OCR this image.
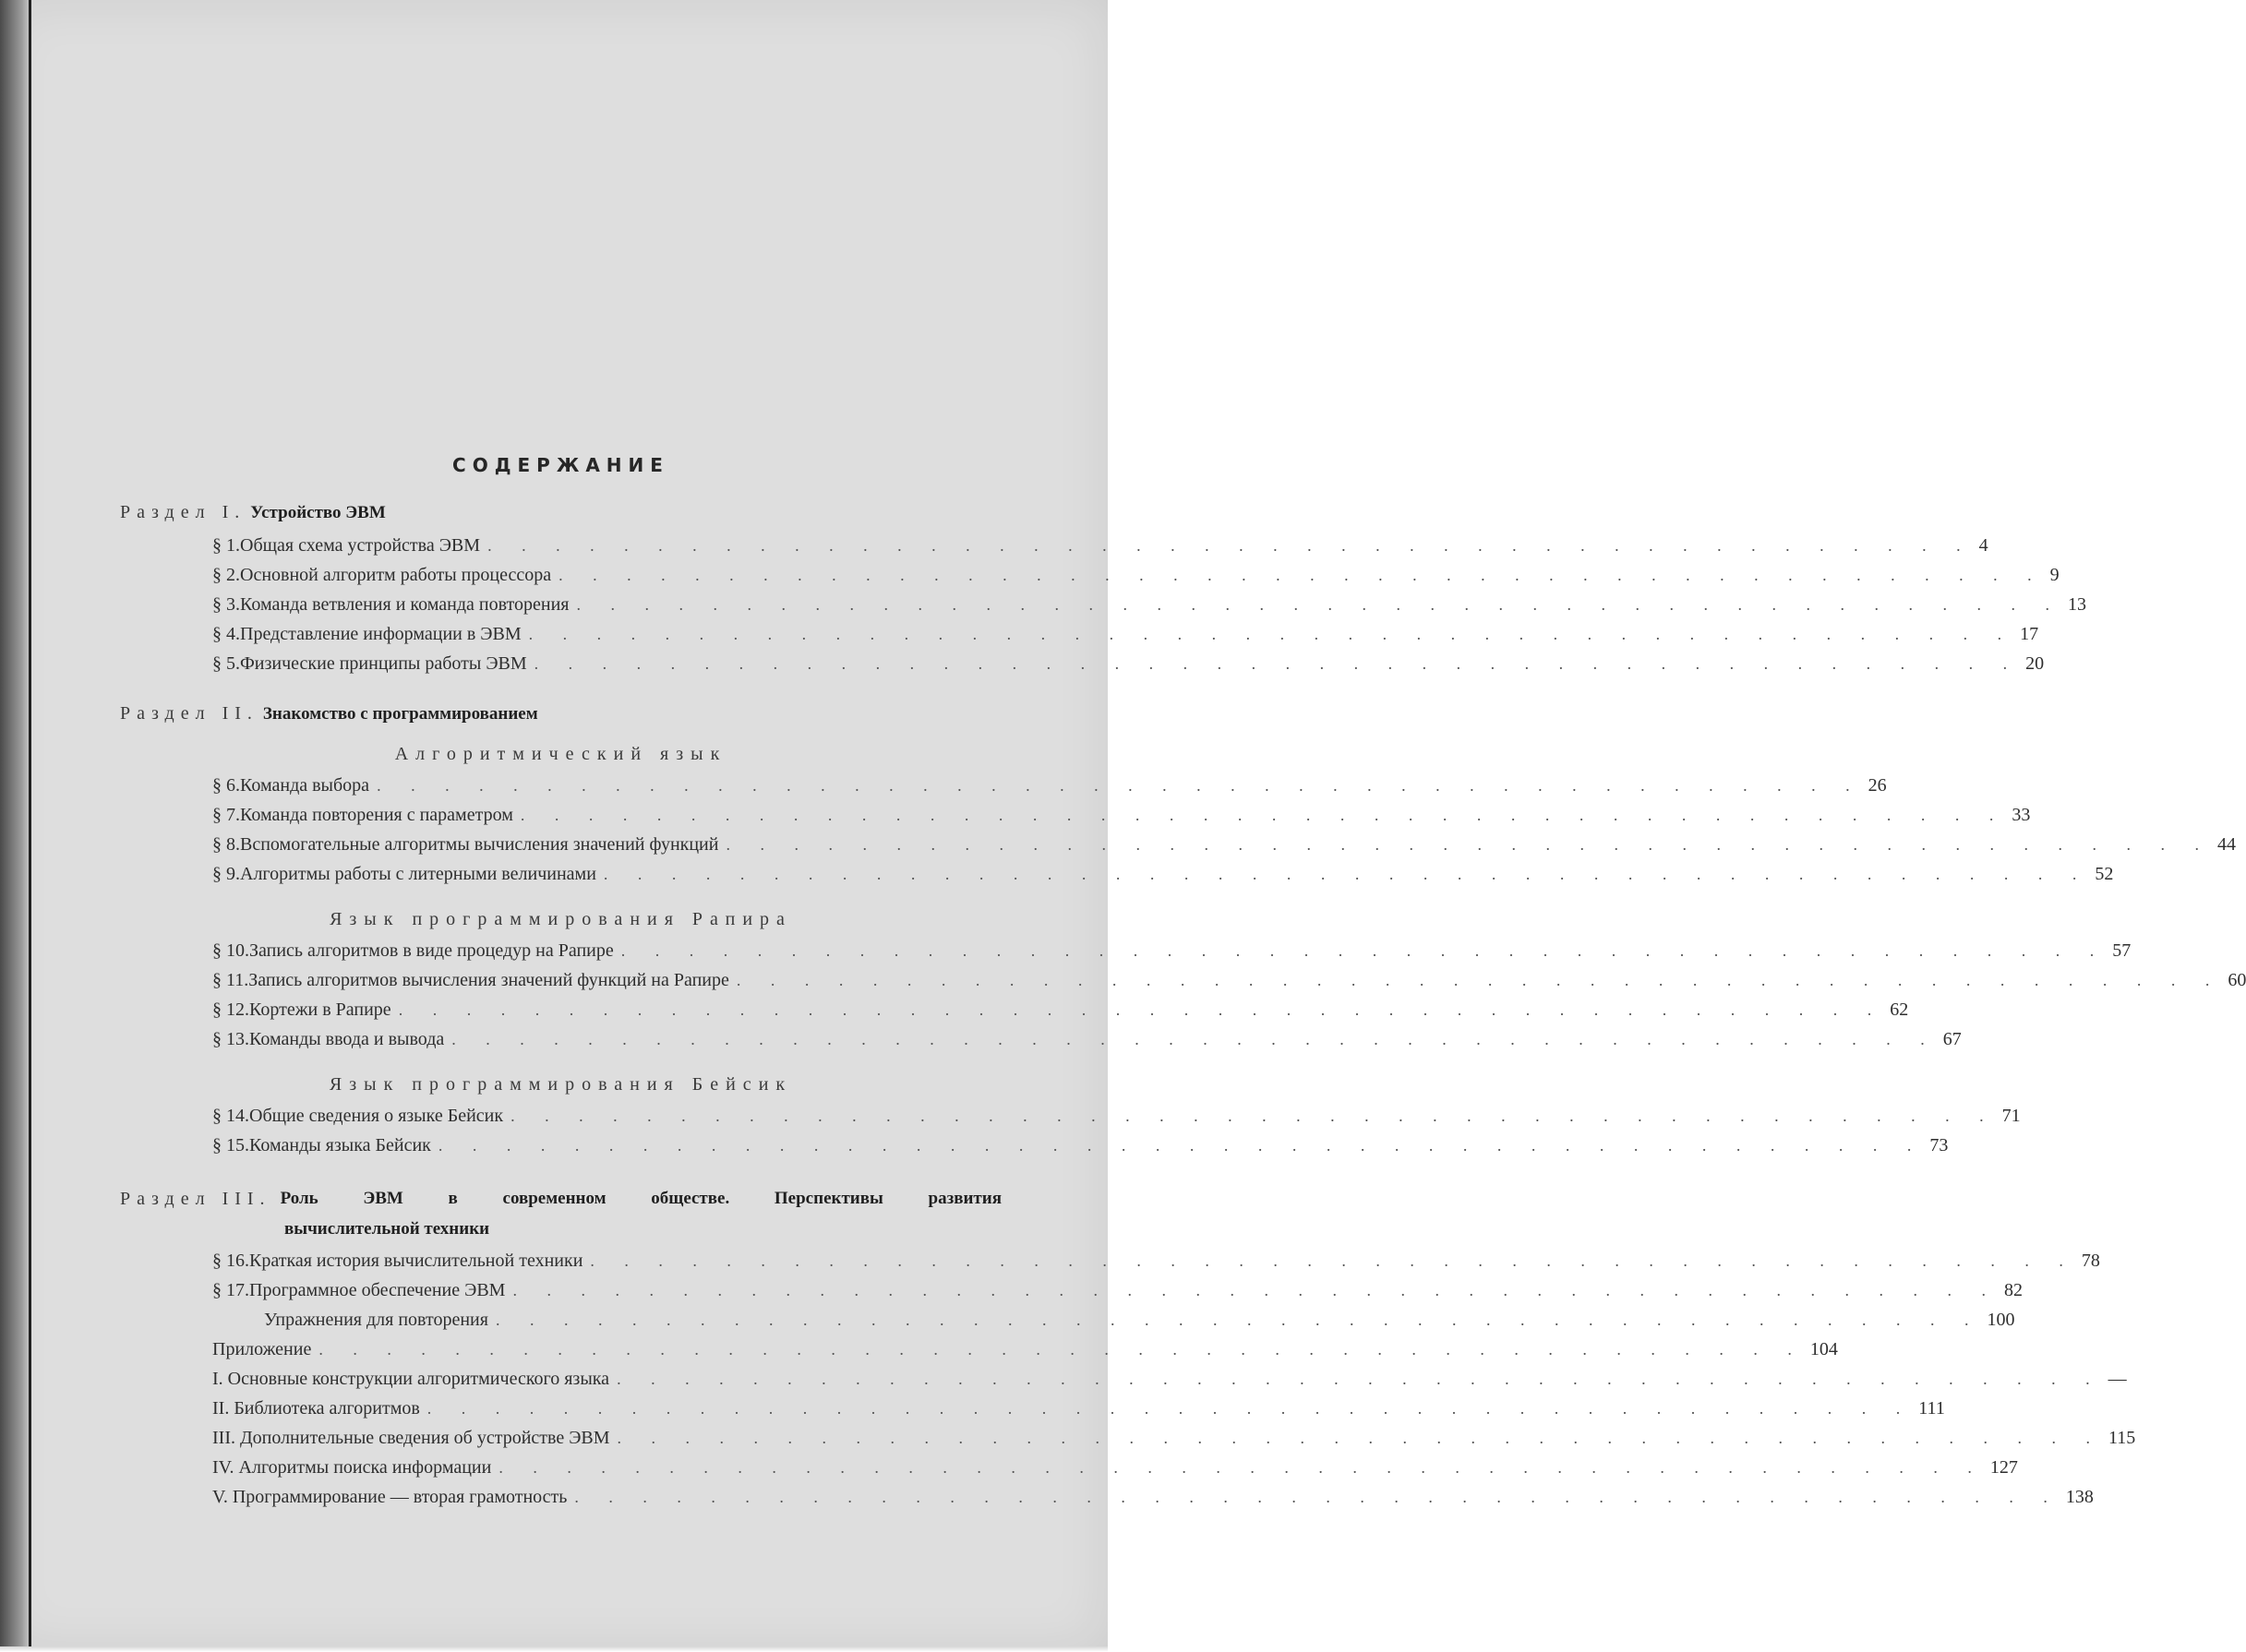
СОДЕРЖАНИЕ
Раздел I. Устройство ЭВМ
Раздел II. Знакомство с программированием
Алгоритмический язык
Язык программирования Рапира
Язык программирования Бейсик
Раздел III. Роль ЭВМ в современном обществе. Перспективы развития
вычислительной техники
§ 1. Общая схема устройства ЭВМ . . . . . . . . . . . . . . . . . . . . . . . . . . . . . . . . . . . . . . . . . . . . 4
§ 2. Основной алгоритм работы процессора . . . . . . . . . . . . . . . . . . . . . . . . . . . . . . . . . . . . . . . . . . . . 9
§ 3. Команда ветвления и команда повторения . . . . . . . . . . . . . . . . . . . . . . . . . . . . . . . . . . . . . . . . . . . . 13
§ 4. Представление информации в ЭВМ . . . . . . . . . . . . . . . . . . . . . . . . . . . . . . . . . . . . . . . . . . . . 17
§ 5. Физические принципы работы ЭВМ . . . . . . . . . . . . . . . . . . . . . . . . . . . . . . . . . . . . . . . . . . . . 20
§ 6. Команда выбора . . . . . . . . . . . . . . . . . . . . . . . . . . . . . . . . . . . . . . . . . . . . 26
§ 7. Команда повторения с параметром . . . . . . . . . . . . . . . . . . . . . . . . . . . . . . . . . . . . . . . . . . . . 33
§ 8. Вспомогательные алгоритмы вычисления значений функций . . . . . . . . . . . . . . . . . . . . . . . . . . . . . . . . . . . . . . . . . . . . 44
§ 9. Алгоритмы работы с литерными величинами . . . . . . . . . . . . . . . . . . . . . . . . . . . . . . . . . . . . . . . . . . . . 52
§ 10. Запись алгоритмов в виде процедур на Рапире . . . . . . . . . . . . . . . . . . . . . . . . . . . . . . . . . . . . . . . . . . . . 57
§ 11. Запись алгоритмов вычисления значений функций на Рапире . . . . . . . . . . . . . . . . . . . . . . . . . . . . . . . . . . . . . . . . . . . . 60
§ 12. Кортежи в Рапире . . . . . . . . . . . . . . . . . . . . . . . . . . . . . . . . . . . . . . . . . . . . 62
§ 13. Команды ввода и вывода . . . . . . . . . . . . . . . . . . . . . . . . . . . . . . . . . . . . . . . . . . . . 67
§ 14. Общие сведения о языке Бейсик . . . . . . . . . . . . . . . . . . . . . . . . . . . . . . . . . . . . . . . . . . . . 71
§ 15. Команды языка Бейсик . . . . . . . . . . . . . . . . . . . . . . . . . . . . . . . . . . . . . . . . . . . . 73
§ 16. Краткая история вычислительной техники . . . . . . . . . . . . . . . . . . . . . . . . . . . . . . . . . . . . . . . . . . . . 78
§ 17. Программное обеспечение ЭВМ . . . . . . . . . . . . . . . . . . . . . . . . . . . . . . . . . . . . . . . . . . . . 82
Упражнения для повторения . . . . . . . . . . . . . . . . . . . . . . . . . . . . . . . . . . . . . . . . . . . . 100
Приложение . . . . . . . . . . . . . . . . . . . . . . . . . . . . . . . . . . . . . . . . . . . . 104
I. Основные конструкции алгоритмического языка . . . . . . . . . . . . . . . . . . . . . . . . . . . . . . . . . . . . . . . . . . . . —
II. Библиотека алгоритмов . . . . . . . . . . . . . . . . . . . . . . . . . . . . . . . . . . . . . . . . . . . . 111
III. Дополнительные сведения об устройстве ЭВМ . . . . . . . . . . . . . . . . . . . . . . . . . . . . . . . . . . . . . . . . . . . . 115
IV. Алгоритмы поиска информации . . . . . . . . . . . . . . . . . . . . . . . . . . . . . . . . . . . . . . . . . . . . 127
V. Программирование — вторая грамотность . . . . . . . . . . . . . . . . . . . . . . . . . . . . . . . . . . . . . . . . . . . . 138
